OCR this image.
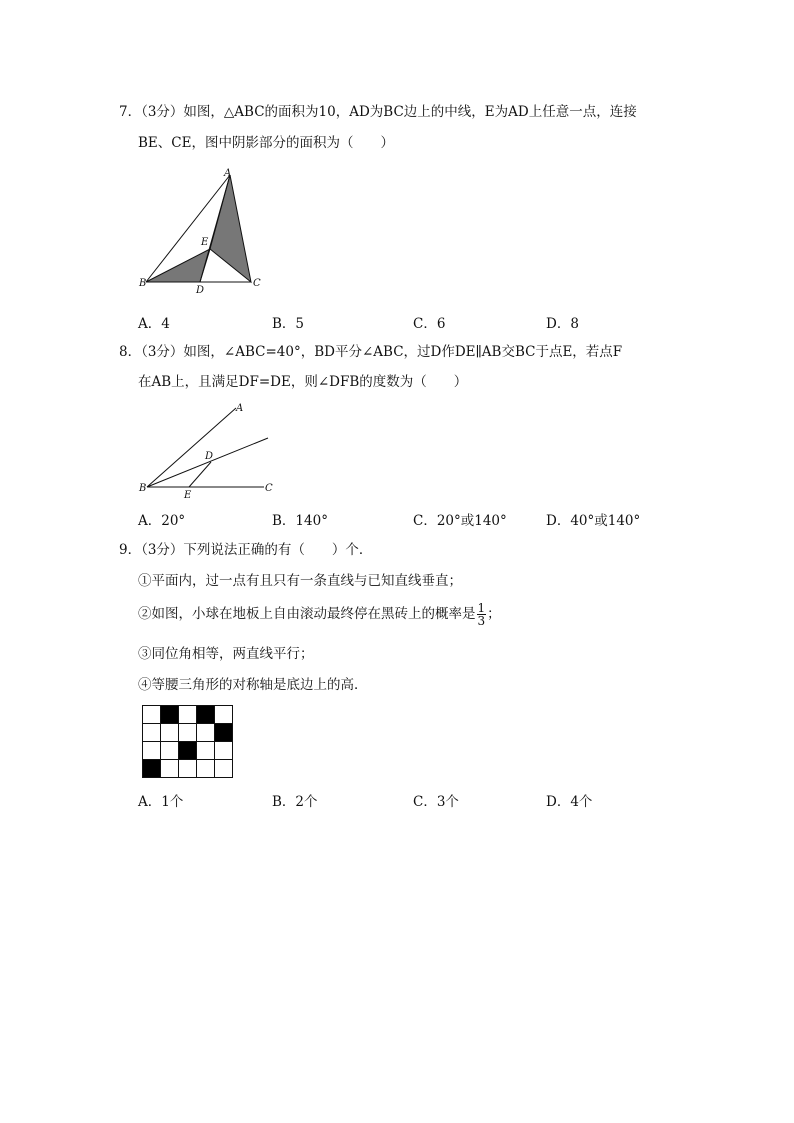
7．（3分）如图，△ABC的面积为10，AD为BC边上的中线，E为AD上任意一点，连接
BE、CE，图中阴影部分的面积为（　　）
A
B	C
D
E
A．4	B．5	C．6	D．8
8．（3分）如图，∠ABC=40°，BD平分∠ABC，过D作DE∥AB交BC于点E，若点F
在AB上，且满足DF=DE，则∠DFB的度数为（　　）
A
B	C
D
E
A．20°	B．140°	C．20°或140°	D．40°或140°
9．（3分）下列说法正确的有（　　）个．
①平面内，过一点有且只有一条直线与已知直线垂直；
②如图，小球在地板上自由滚动最终停在黑砖上的概率是 $\frac{1}{3}$ ；
③同位角相等，两直线平行；
④等腰三角形的对称轴是底边上的高．

A．1个	B．2个	C．3个	D．4个
